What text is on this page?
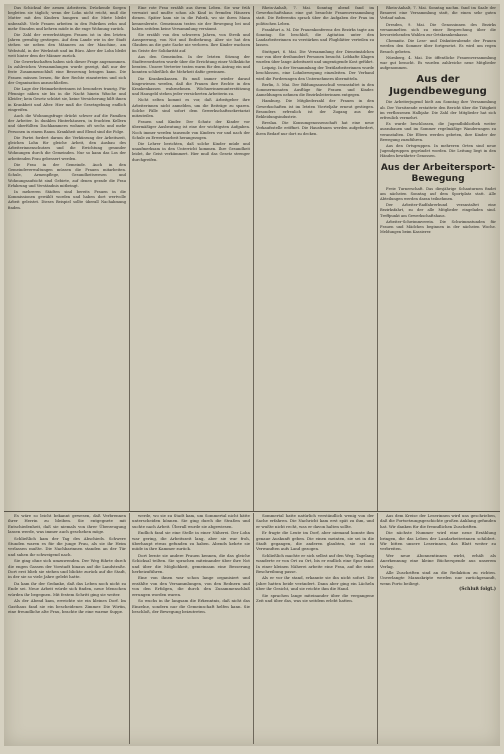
Das Schicksal der armen Arbeiterin. Drückende Sorgen begleiten sie täglich; wenn der Lohn nicht reicht, muß die Mutter mit den Kindern hungern und die Miete bleibt unbezahlt. Viele Frauen arbeiten in den Fabriken zehn und mehr Stunden und kehren müde in die enge Wohnung zurück.

Die Zahl der erwerbstätigen Frauen ist in den letzten Jahren gewaltig gestiegen. Auf dem Lande wie in der Stadt stehen sie neben den Männern an der Maschine, am Webstuhl, in der Werkstatt und im Büro. Aber der Lohn bleibt weit hinter dem der Männer zurück.

Die Gewerkschaften haben sich dieser Frage angenommen. In zahlreichen Versammlungen wurde gezeigt, daß nur der feste Zusammenschluß eine Besserung bringen kann. Die Frauen müssen lernen, für ihre Rechte einzutreten und sich der Organisation anzuschließen.

Die Lage der Heimarbeiterinnen ist besonders traurig. Für Pfennige nähen sie bis in die Nacht hinein Wäsche und Kleider; kein Gesetz schützt sie, keine Versicherung hilft ihnen in Krankheit und Alter. Hier muß die Gesetzgebung endlich eingreifen.

Auch die Wohnungsfrage drückt schwer auf die Familien der Arbeiter. In dunklen Hinterhäusern, in feuchten Kellern und überfüllten Dachkammern wohnen oft sechs und mehr Personen in einem Raum. Krankheit und Elend sind die Folge.

Die Partei fordert darum die Verkürzung der Arbeitszeit, gleichen Lohn für gleiche Arbeit, den Ausbau des Arbeiterinnenschutzes und die Errichtung gesunder Wohnungen durch die Gemeinden. Nur so kann das Los der arbeitenden Frau gebessert werden.

Die Frau in der Gemeinde. Auch in den Gemeindeverwaltungen müssen die Frauen mitarbeiten. Schule, Armenpflege, Gesundheitswesen und Wohnungsaufsicht sind Gebiete, auf denen gerade die Frau Erfahrung und Verständnis mitbringt.

In mehreren Städten sind bereits Frauen in die Kommissionen gewählt worden und haben dort wertvolle Arbeit geleistet. Dieses Beispiel sollte überall Nachahmung finden.

Eine rote Frau erzählt aus ihrem Leben. Sie war früh verwaist und mußte schon als Kind in fremden Häusern dienen. Später kam sie in die Fabrik, wo sie ihren Mann kennenlernte. Gemeinsam traten sie der Bewegung bei und haben seitdem keine Versammlung versäumt.

Sie erzählt von den schweren Jahren, von Streik und Aussperrung, von Not und Entbehrung. Aber sie hat den Glauben an die gute Sache nie verloren. Ihre Kinder wachsen im Geiste der Solidarität auf.

Aus den Gemeinden. In der letzten Sitzung der Stadtverordneten wurde über die Errichtung einer Volksküche beraten. Unsere Vertreter traten warm für den Antrag ein und konnten schließlich die Mehrheit dafür gewinnen.

Die Krankenkassen. Es muß immer wieder darauf hingewiesen werden, daß die Frauen ihre Rechte in den Krankenkassen wahrnehmen. Wöchnerinnenunterstützung und Hausgeld stehen jeder versicherten Arbeiterin zu.

Nicht selten kommt es vor, daß Arbeitgeber ihre Arbeiterinnen nicht anmelden, um die Beiträge zu sparen. Solche Fälle sind sofort dem Gewerkschaftssekretariat mitzuteilen.

Frauen und Kinder. Der Schutz der Kinder vor übermäßiger Ausbeutung ist eine der wichtigsten Aufgaben. Noch immer werden tausende von Kindern vor und nach der Schule zu Erwerbsarbeit herangezogen.

Die Lehrer berichten, daß solche Kinder müde und unaufmerksam in den Unterricht kommen. Ihre Gesundheit leidet, ihr Geist verkümmert. Hier muß das Gesetz strenger durchgreifen.

Rhein-Anhalt, 7. Mai. Sonntag abend fand im Gewerkschaftshaus eine gut besuchte Frauenversammlung statt. Die Referentin sprach über die Aufgaben der Frau im politischen Leben.

Frankfurt a. M. Die Frauenkonferenz des Bezirks tagte am Sonntag. Sie beschloß, die Agitation unter den Landarbeiterinnen zu verstärken und Flugblätter verteilen zu lassen.

Stuttgart, 6. Mai. Die Versammlung der Dienstmädchen war von über dreihundert Personen besucht. Lebhafte Klagen wurden über lange Arbeitszeit und ungenügende Kost geführt.

Leipzig. In der Versammlung der Textilarbeiterinnen wurde beschlossen, eine Lohnbewegung einzuleiten. Der Verband wird die Forderungen den Unternehmern übermitteln.

Berlin, 5. Mai. Der Bildungsausschuß veranstaltet in den Sommermonaten Ausflüge für Frauen und Kinder. Anmeldungen nehmen die Bezirksleiterinnen entgegen.

Hamburg. Die Mitgliederzahl der Frauen in den Gewerkschaften ist im letzten Vierteljahr erneut gestiegen. Besonders erfreulich ist der Zugang aus der Bekleidungsindustrie.

Breslau. Die Konsumgenossenschaft hat eine neue Verkaufsstelle eröffnet. Die Hausfrauen werden aufgefordert, ihren Bedarf nur dort zu decken.

Rhein-Anhalt, 7. Mai. Sonntag nachm. fand im Saale der Brauerei eine Versammlung statt, die einen sehr guten Verlauf nahm.

Dresden, 9. Mai. Die Genossinnen des Bezirks versammelten sich zu einer Besprechung über die bevorstehenden Wahlen zur Ortskrankenkasse.

Chemnitz. Die Lese- und Diskutierabende der Frauen werden den Sommer über fortgesetzt. Es wird um regen Besuch gebeten.

Nürnberg, 4. Mai. Die öffentliche Frauenversammlung war gut besucht. Es wurden zahlreiche neue Mitglieder aufgenommen.

Aus der Jugendbewegung

Die Arbeiterjugend hielt am Sonntag ihre Versammlung ab. Der Vorsitzende erstattete den Bericht über die Tätigkeit im verflossenen Halbjahr. Die Zahl der Mitglieder hat sich erfreulich vermehrt.

Es wurde beschlossen, die Jugendbibliothek weiter auszubauen und im Sommer regelmäßige Wanderungen zu veranstalten. Die Eltern werden gebeten, ihre Kinder der Bewegung zuzuführen.

Aus den Ortsgruppen. In mehreren Orten sind neue Jugendgruppen gegründet worden. Die Leitung liegt in den Händen bewährter Genossen.

Aus der Arbeitersport-Bewegung

Freie Turnerschaft. Das diesjährige Schauturnen findet am nächsten Sonntag auf dem Sportplatz statt. Alle Abteilungen werden daran teilnehmen.

Der Arbeiter-Radfahrerbund veranstaltet eine Bezirksfahrt, zu der alle Mitglieder eingeladen sind. Treffpunkt am Gewerkschaftshaus.

Arbeiter-Schwimmverein. Die Schwimmstunden für Frauen und Mädchen beginnen in der nächsten Woche. Meldungen beim Kassierer.

Es wäre so leicht bekannt gewesen, daß Verbrennen ihrer Herrin zu bleiben. Sie entgegnete mit Entschiedenheit, daß sie niemals von ihrer Überzeugung lassen werde, was immer auch geschehen möge.

Schließlich kam der Tag des Abschieds. Schwere Stunden waren es für die junge Frau, als sie ihr Heim verlassen mußte. Die Nachbarinnen standen an der Tür und sahen ihr schweigend nach.

Sie ging ohne sich umzuwenden. Der Weg führte durch die engen Gassen der Vorstadt hinaus auf die Landstraße. Dort erst blieb sie stehen und blickte zurück auf die Stadt, in der sie so viele Jahre gelebt hatte.

Da kam ihr der Gedanke, daß das Leben noch nicht zu Ende sei. Neue Arbeit würde sich finden, neue Menschen würden ihr begegnen. Mit festem Schritt ging sie weiter.

Als der Abend kam, erreichte sie ein kleines Dorf. Im Gasthaus fand sie ein bescheidenes Zimmer. Die Wirtin, eine freundliche alte Frau, brachte ihr eine warme Suppe.

werde, wo sie zu Stadt kam, um Sommertal nicht hätte unterscheiden können. Sie ging durch die Straßen und suchte nach Arbeit. Überall wurde sie abgewiesen.

Endlich fand sie eine Stelle in einer Näherei. Der Lohn war gering, die Arbeitszeit lang, aber sie war froh, überhaupt etwas gefunden zu haben. Abends kehrte sie müde in ihre Kammer zurück.

Dort lernte sie andere Frauen kennen, die das gleiche Schicksal teilten. Sie sprachen miteinander über ihre Not und über die Möglichkeit, gemeinsam eine Besserung herbeizuführen.

Eine von ihnen war schon lange organisiert und erzählte von den Versammlungen, von den Rednern und von den Erfolgen, die durch den Zusammenschluß errungen worden waren.

So wuchs in ihr langsam die Erkenntnis, daß nicht das Einzelne, sondern nur die Gemeinschaft helfen kann. Sie beschloß, der Bewegung beizutreten.

Sommertal hatte natürlich verständlich wenig von der Sache erfahren. Die Nachricht kam erst spät zu ihm, und er wußte nicht recht, was er davon halten sollte.

Er fragte die Leute im Dorf, aber niemand konnte ihm genaue Auskunft geben. Die einen meinten, sie sei in die Stadt gegangen, die anderen glaubten, sie sei zu Verwandten aufs Land gezogen.

Schließlich machte er sich selbst auf den Weg. Tagelang wanderte er von Ort zu Ort, bis er endlich eine Spur fand. In einer kleinen Näherei arbeite eine Frau, auf die seine Beschreibung passe.

Als er vor ihr stand, erkannte sie ihn nicht sofort. Die Jahre hatten beide verändert. Dann aber ging ein Lächeln über ihr Gesicht, und sie reichte ihm die Hand.

Sie sprachen lange miteinander über die vergangene Zeit und über das, was sie seitdem erlebt hatten.

Aus dem Kreise der Leserinnen wird uns geschrieben, daß die Fortsetzungsgeschichte großen Anklang gefunden hat. Wir danken für die freundlichen Zuschriften.

Die nächste Nummer wird eine neue Erzählung bringen, die das Leben der Landarbeiterinnen schildert. Wir bitten unsere Leserinnen, das Blatt weiter zu verbreiten.

Wer neue Abonnentinnen wirbt, erhält als Anerkennung eine kleine Bücherspende aus unserem Verlag.

Alle Zuschriften sind an die Redaktion zu richten. Unverlangte Manuskripte werden nur zurückgesandt, wenn Porto beiliegt.

(Schluß folgt.)
